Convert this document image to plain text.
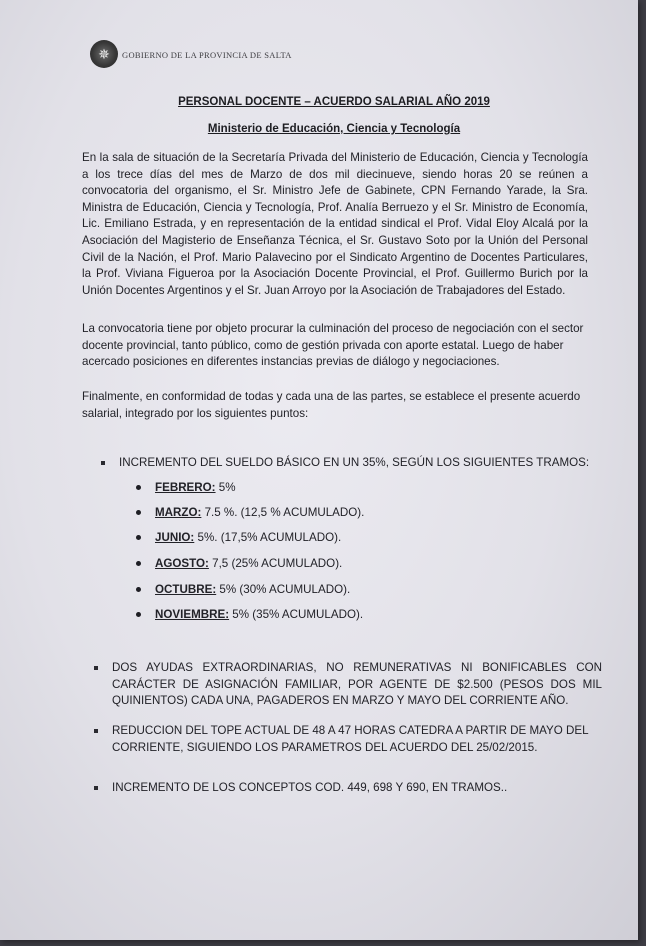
✵	GOBIERNO DE LA PROVINCIA DE SALTA
PERSONAL DOCENTE – ACUERDO SALARIAL AÑO 2019
Ministerio de Educación, Ciencia y Tecnología

En la sala de situación de la Secretaría Privada del Ministerio de Educación, Ciencia y Tecnología a los trece días del mes de Marzo de dos mil diecinueve, siendo horas 20 se reúnen a convocatoria del organismo, el Sr. Ministro Jefe de Gabinete, CPN Fernando Yarade, la Sra. Ministra de Educación, Ciencia y Tecnología, Prof. Analía Berruezo y el Sr. Ministro de Economía, Lic. Emiliano Estrada, y en representación de la entidad sindical el Prof. Vidal Eloy Alcalá por la Asociación del Magisterio de Enseñanza Técnica, el Sr. Gustavo Soto por la Unión del Personal Civil de la Nación, el Prof. Mario Palavecino por el Sindicato Argentino de Docentes Particulares, la Prof. Viviana Figueroa por la Asociación Docente Provincial, el Prof. Guillermo Burich por la Unión Docentes Argentinos y el Sr. Juan Arroyo por la Asociación de Trabajadores del Estado.

La convocatoria tiene por objeto procurar la culminación del proceso de negociación con el sector docente provincial, tanto público, como de gestión privada con aporte estatal. Luego de haber acercado posiciones en diferentes instancias previas de diálogo y negociaciones.

Finalmente, en conformidad de todas y cada una de las partes, se establece el presente acuerdo salarial, integrado por los siguientes puntos:

INCREMENTO DEL SUELDO BÁSICO EN UN 35%, SEGÚN LOS SIGUIENTES TRAMOS:
FEBRERO: 5%
MARZO: 7.5 %. (12,5 % ACUMULADO).
JUNIO: 5%. (17,5% ACUMULADO).
AGOSTO: 7,5 (25% ACUMULADO).
OCTUBRE: 5% (30% ACUMULADO).
NOVIEMBRE: 5% (35% ACUMULADO).
DOS AYUDAS EXTRAORDINARIAS, NO REMUNERATIVAS NI BONIFICABLES CON CARÁCTER DE ASIGNACIÓN FAMILIAR, POR AGENTE DE $2.500 (PESOS DOS MIL QUINIENTOS) CADA UNA, PAGADEROS EN MARZO Y MAYO DEL CORRIENTE AÑO.
REDUCCION DEL TOPE ACTUAL DE 48 A 47 HORAS CATEDRA A PARTIR DE MAYO DEL CORRIENTE, SIGUIENDO LOS PARAMETROS DEL ACUERDO DEL 25/02/2015.
INCREMENTO DE LOS CONCEPTOS COD. 449, 698 Y 690, EN TRAMOS..
